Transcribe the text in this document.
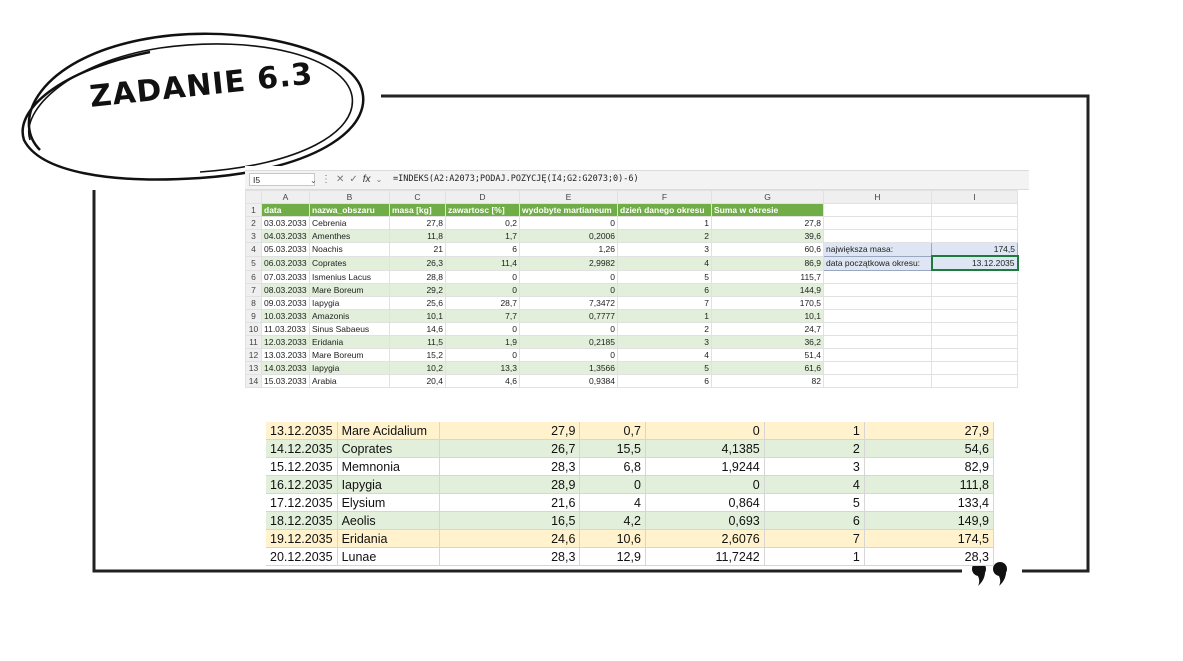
ZADANIE 6.3
I5	⌄ ⋮ ✕ ✓ fx ⌄ =INDEKS(A2:A2073;PODAJ.POZYCJĘ(I4;G2:G2073;0)-6)
	A	B	C	D	E	F	G	H	I
1	data	nazwa_obszaru	masa [kg]	zawartosc [%]	wydobyte martianeum	dzień danego okresu	Suma w okresie		
2	03.03.2033	Cebrenia	27,8	0,2	0	1	27,8		
3	04.03.2033	Amenthes	11,8	1,7	0,2006	2	39,6		
4	05.03.2033	Noachis	21	6	1,26	3	60,6	największa masa:	174,5
5	06.03.2033	Coprates	26,3	11,4	2,9982	4	86,9	data początkowa okresu:	13.12.2035
6	07.03.2033	Ismenius Lacus	28,8	0	0	5	115,7		
7	08.03.2033	Mare Boreum	29,2	0	0	6	144,9		
8	09.03.2033	Iapygia	25,6	28,7	7,3472	7	170,5		
9	10.03.2033	Amazonis	10,1	7,7	0,7777	1	10,1		
10	11.03.2033	Sinus Sabaeus	14,6	0	0	2	24,7		
11	12.03.2033	Eridania	11,5	1,9	0,2185	3	36,2		
12	13.03.2033	Mare Boreum	15,2	0	0	4	51,4		
13	14.03.2033	Iapygia	10,2	13,3	1,3566	5	61,6		
14	15.03.2033	Arabia	20,4	4,6	0,9384	6	82		
13.12.2035	Mare Acidalium	27,9	0,7	0	1	27,9
14.12.2035	Coprates	26,7	15,5	4,1385	2	54,6
15.12.2035	Memnonia	28,3	6,8	1,9244	3	82,9
16.12.2035	Iapygia	28,9	0	0	4	111,8
17.12.2035	Elysium	21,6	4	0,864	5	133,4
18.12.2035	Aeolis	16,5	4,2	0,693	6	149,9
19.12.2035	Eridania	24,6	10,6	2,6076	7	174,5
20.12.2035	Lunae	28,3	12,9	11,7242	1	28,3
